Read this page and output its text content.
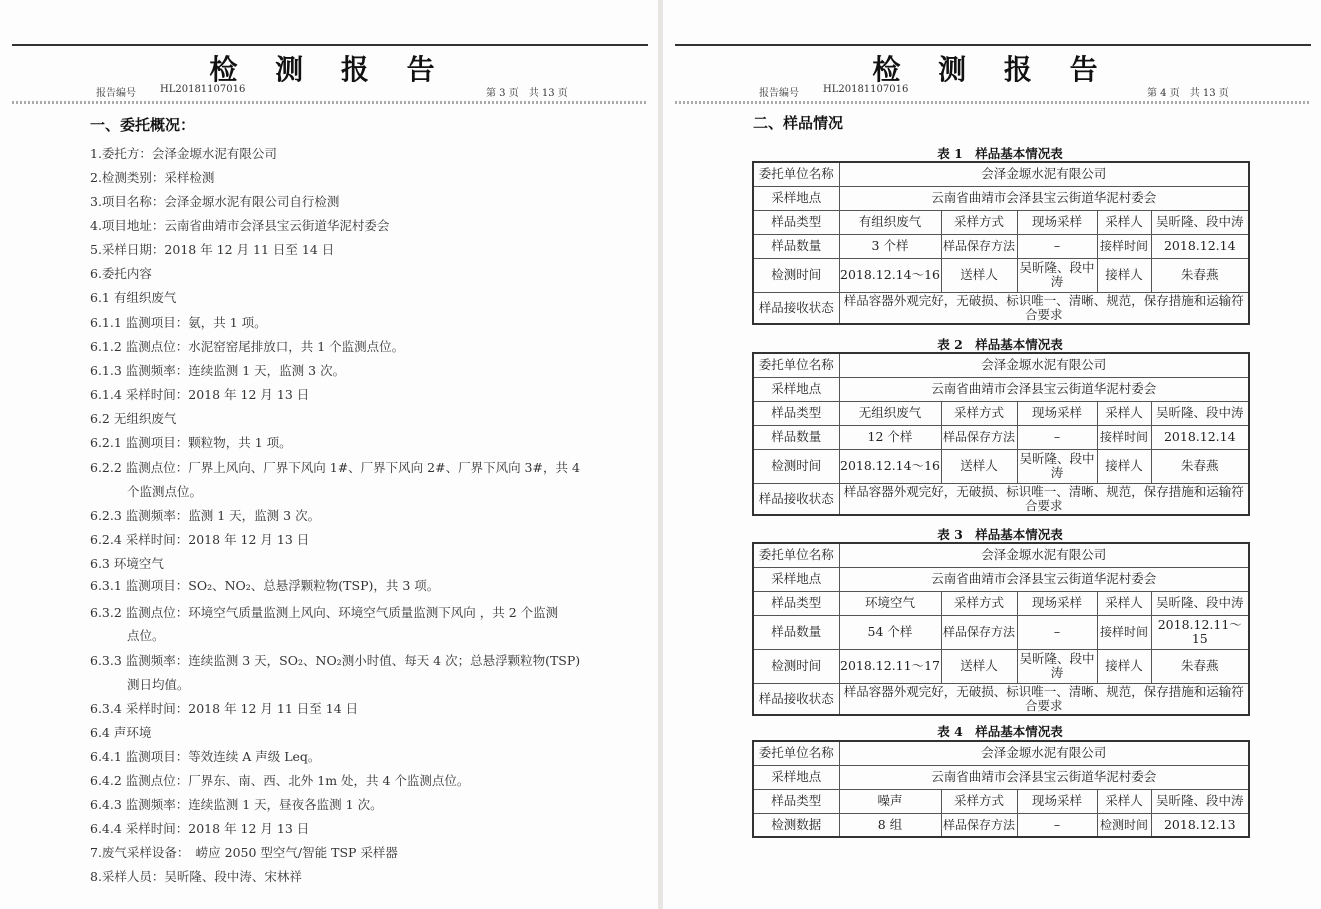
检 测 报 告
报告编号 HL20181107016	第 3 页　共 13 页
一、委托概况：
1.委托方：会泽金塬水泥有限公司
2.检测类别：采样检测
3.项目名称：会泽金塬水泥有限公司自行检测
4.项目地址：云南省曲靖市会泽县宝云街道华泥村委会
5.采样日期：2018 年 12 月 11 日至 14 日
6.委托内容
6.1 有组织废气
6.1.1 监测项目：氨，共 1 项。
6.1.2 监测点位：水泥窑窑尾排放口，共 1 个监测点位。
6.1.3 监测频率：连续监测 1 天，监测 3 次。
6.1.4 采样时间：2018 年 12 月 13 日
6.2 无组织废气
6.2.1 监测项目：颗粒物，共 1 项。
6.2.2 监测点位：厂界上风向、厂界下风向 1#、厂界下风向 2#、厂界下风向 3#，共 4
个监测点位。
6.2.3 监测频率：监测 1 天，监测 3 次。
6.2.4 采样时间：2018 年 12 月 13 日
6.3 环境空气
6.3.1 监测项目：SO₂、NO₂、总悬浮颗粒物(TSP)，共 3 项。
6.3.2 监测点位：环境空气质量监测上风向、环境空气质量监测下风向 ，共 2 个监测
点位。
6.3.3 监测频率：连续监测 3 天，SO₂、NO₂测小时值、每天 4 次；总悬浮颗粒物(TSP)
测日均值。
6.3.4 采样时间：2018 年 12 月 11 日至 14 日
6.4 声环境
6.4.1 监测项目：等效连续 A 声级 Leq。
6.4.2 监测点位：厂界东、南、西、北外 1m 处，共 4 个监测点位。
6.4.3 监测频率：连续监测 1 天，昼夜各监测 1 次。
6.4.4 采样时间：2018 年 12 月 13 日
7.废气采样设备：　崂应 2050 型空气/智能 TSP 采样器
8.采样人员：吴昕隆、段中涛、宋林祥
检 测 报 告
报告编号 HL20181107016	第 4 页　共 13 页
二、样品情况
表 1　样品基本情况表
委托单位名称	会泽金塬水泥有限公司				
采样地点	云南省曲靖市会泽县宝云街道华泥村委会				
样品类型	有组织废气	采样方式	现场采样	采样人	吴昕隆、段中涛
样品数量	3 个样	样品保存方法	–	接样时间	2018.12.14
检测时间	2018.12.14～16	送样人	吴昕隆、段中涛	接样人	朱春燕
样品接收状态	样品容器外观完好，无破损、标识唯一、清晰、规范，保存措施和运输符合要求				
表 2　样品基本情况表
委托单位名称	会泽金塬水泥有限公司				
采样地点	云南省曲靖市会泽县宝云街道华泥村委会				
样品类型	无组织废气	采样方式	现场采样	采样人	吴昕隆、段中涛
样品数量	12 个样	样品保存方法	–	接样时间	2018.12.14
检测时间	2018.12.14～16	送样人	吴昕隆、段中涛	接样人	朱春燕
样品接收状态	样品容器外观完好，无破损、标识唯一、清晰、规范，保存措施和运输符合要求				
表 3　样品基本情况表
委托单位名称	会泽金塬水泥有限公司				
采样地点	云南省曲靖市会泽县宝云街道华泥村委会				
样品类型	环境空气	采样方式	现场采样	采样人	吴昕隆、段中涛
样品数量	54 个样	样品保存方法	–	接样时间	2018.12.11～15
检测时间	2018.12.11～17	送样人	吴昕隆、段中涛	接样人	朱春燕
样品接收状态	样品容器外观完好，无破损、标识唯一、清晰、规范，保存措施和运输符合要求				
表 4　样品基本情况表
委托单位名称	会泽金塬水泥有限公司				
采样地点	云南省曲靖市会泽县宝云街道华泥村委会				
样品类型	噪声	采样方式	现场采样	采样人	吴昕隆、段中涛
检测数据	8 组	样品保存方法	–	检测时间	2018.12.13
